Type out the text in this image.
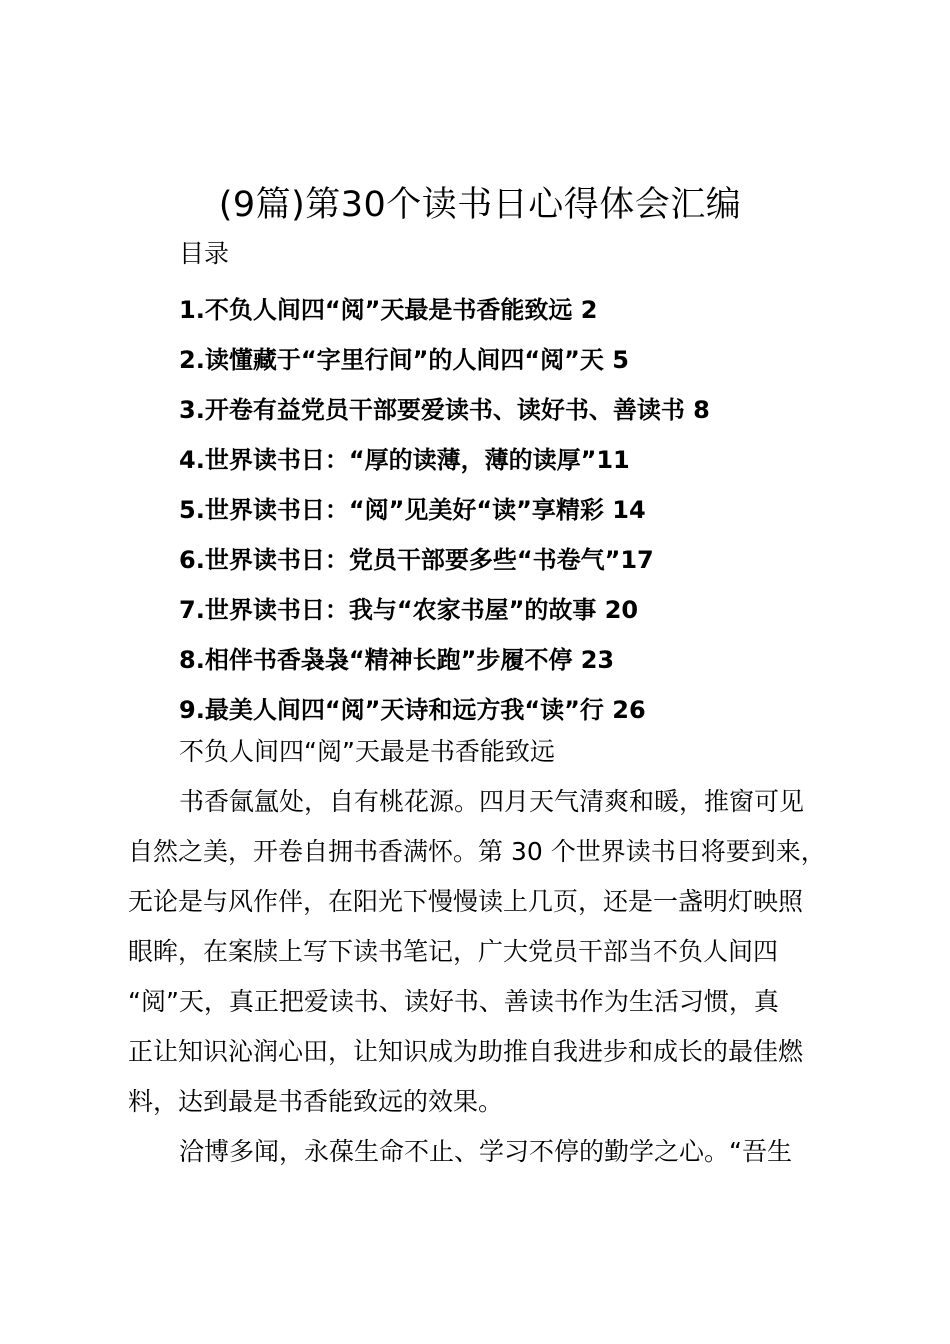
(9篇)第30个读书日心得体会汇编
目录
1.不负人间四“阅”天最是书香能致远 2
2.读懂藏于“字里行间”的人间四“阅”天 5
3.开卷有益党员干部要爱读书、读好书、善读书 8
4.世界读书日：“厚的读薄，薄的读厚”11
5.世界读书日：“阅”见美好“读”享精彩 14
6.世界读书日：党员干部要多些“书卷气”17
7.世界读书日：我与“农家书屋”的故事 20
8.相伴书香袅袅“精神长跑”步履不停 23
9.最美人间四“阅”天诗和远方我“读”行 26
不负人间四“阅”天最是书香能致远
书香氤氲处，自有桃花源。四月天气清爽和暖，推窗可见
自然之美，开卷自拥书香满怀。第 30 个世界读书日将要到来，
无论是与风作伴，在阳光下慢慢读上几页，还是一盏明灯映照
眼眸，在案牍上写下读书笔记，广大党员干部当不负人间四
“阅”天，真正把爱读书、读好书、善读书作为生活习惯，真
正让知识沁润心田，让知识成为助推自我进步和成长的最佳燃
料，达到最是书香能致远的效果。
洽博多闻，永葆生命不止、学习不停的勤学之心。“吾生
